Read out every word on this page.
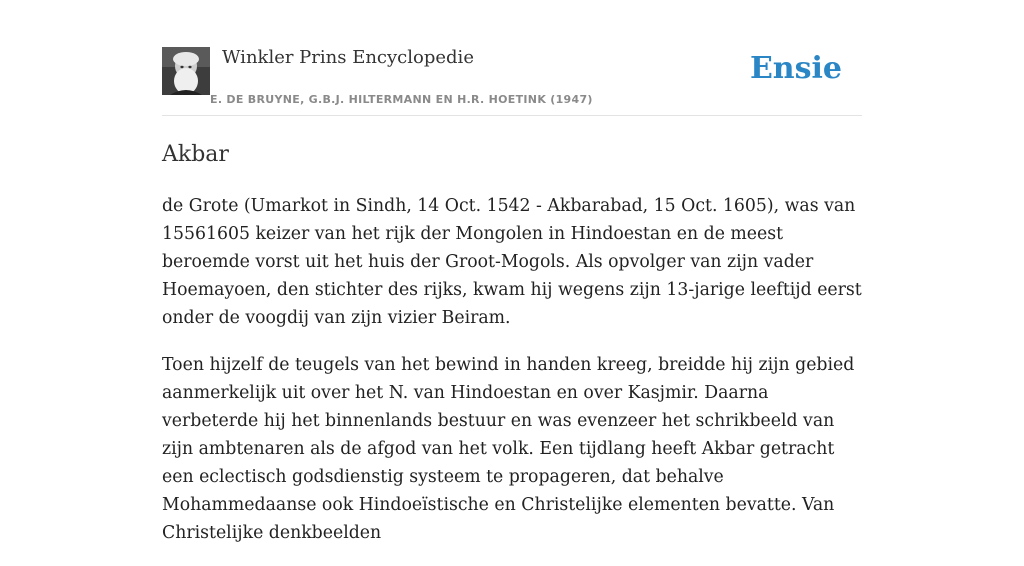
Winkler Prins Encyclopedie
E. DE BRUYNE, G.B.J. HILTERMANN EN H.R. HOETINK (1947)
Ensie
Akbar

de Grote (Umarkot in Sindh, 14 Oct. 1542 - Akbarabad, 15 Oct. 1605), was van 15561605 keizer van het rijk der Mongolen in Hindoestan en de meest beroemde vorst uit het huis der Groot-Mogols. Als opvolger van zijn vader Hoemayoen, den stichter des rijks, kwam hij wegens zijn 13-jarige leeftijd eerst onder de voogdij van zijn vizier Beiram.

Toen hijzelf de teugels van het bewind in handen kreeg, breidde hij zijn gebied aanmerkelijk uit over het N. van Hindoestan en over Kasjmir. Daarna verbeterde hij het binnenlands bestuur en was evenzeer het schrikbeeld van zijn ambtenaren als de afgod van het volk. Een tijdlang heeft Akbar getracht een eclectisch godsdienstig systeem te propageren, dat behalve Mohammedaanse ook Hindoeïstische en Christelijke elementen bevatte. Van Christelijke denkbeelden
